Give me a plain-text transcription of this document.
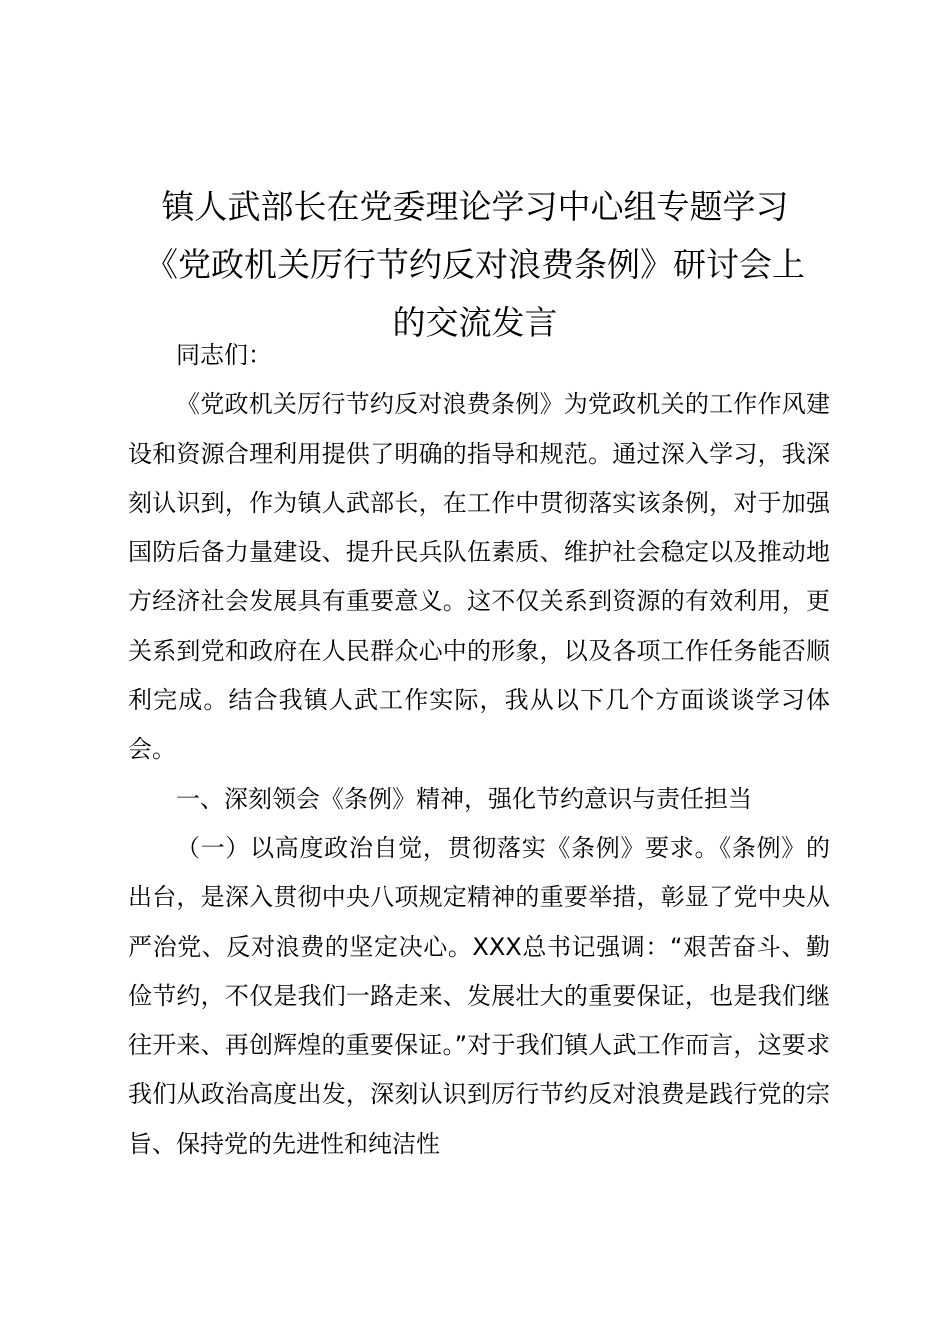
镇人武部长在党委理论学习中心组专题学习
《党政机关厉行节约反对浪费条例》研讨会上
的交流发言

同志们：

《党政机关厉行节约反对浪费条例》为党政机关的工作作风建设和资源合理利用提供了明确的指导和规范。通过深入学习，我深刻认识到，作为镇人武部长，在工作中贯彻落实该条例，对于加强国防后备力量建设、提升民兵队伍素质、维护社会稳定以及推动地方经济社会发展具有重要意义。这不仅关系到资源的有效利用，更关系到党和政府在人民群众心中的形象，以及各项工作任务能否顺利完成。结合我镇人武工作实际，我从以下几个方面谈谈学习体会。

一、深刻领会《条例》精神，强化节约意识与责任担当

（一）以高度政治自觉，贯彻落实《条例》要求。《条例》的出台，是深入贯彻中央八项规定精神的重要举措，彰显了党中央从严治党、反对浪费的坚定决心。XXX总书记强调：“艰苦奋斗、勤俭节约，不仅是我们一路走来、发展壮大的重要保证，也是我们继往开来、再创辉煌的重要保证。”对于我们镇人武工作而言，这要求我们从政治高度出发，深刻认识到厉行节约反对浪费是践行党的宗旨、保持党的先进性和纯洁性
